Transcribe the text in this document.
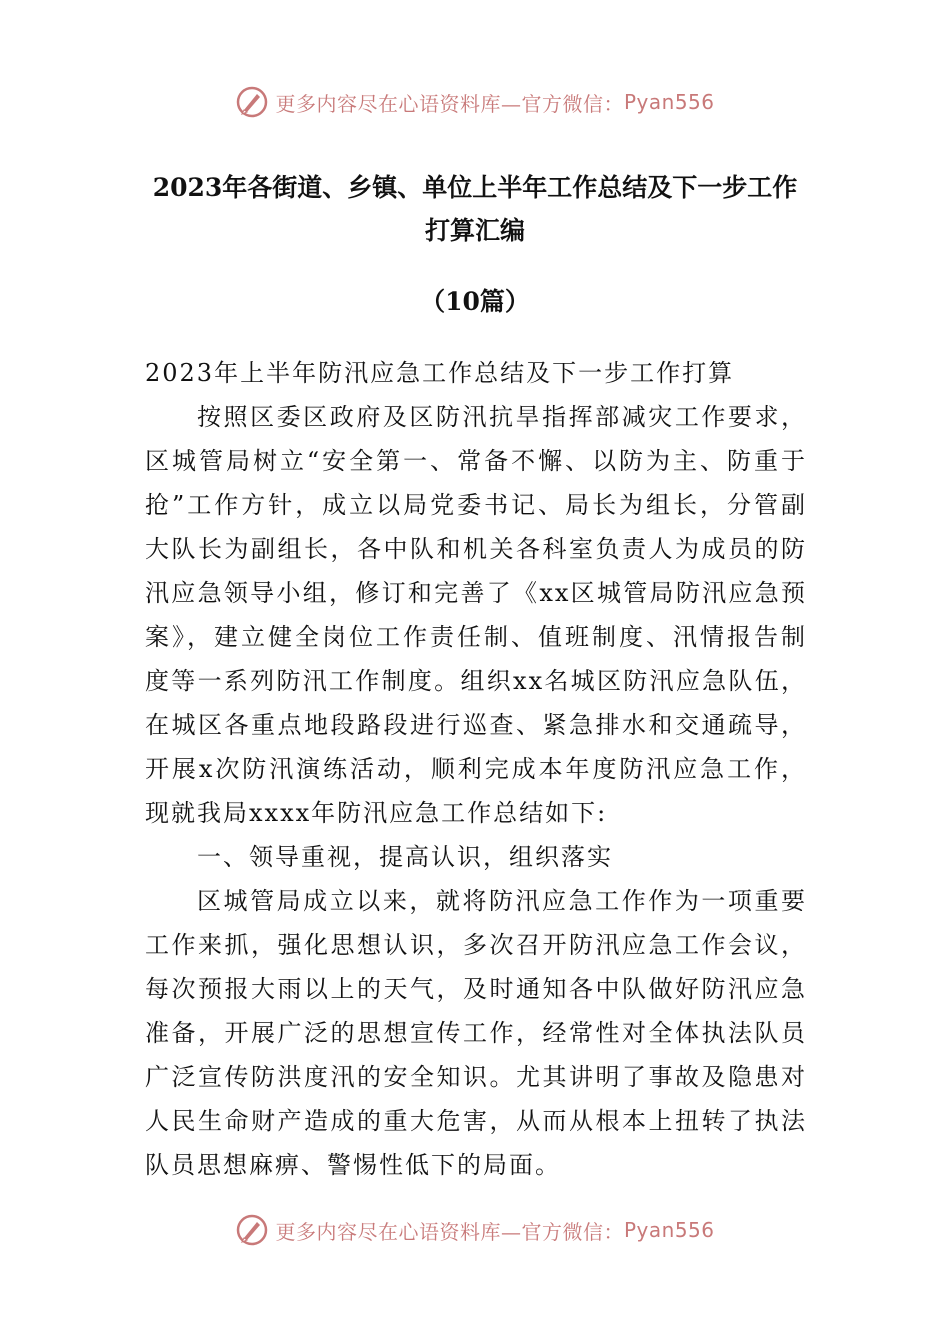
更多内容尽在心语资料库—官方微信： Pyan556
2023年各街道、乡镇、单位上半年工作总结及下一步工作
打算汇编
（10篇）

2023年上半年防汛应急工作总结及下一步工作打算

按照区委区政府及区防汛抗旱指挥部减灾工作要求，区城管局树立“安全第一、常备不懈、以防为主、防重于抢”工作方针，成立以局党委书记、局长为组长，分管副大队长为副组长，各中队和机关各科室负责人为成员的防汛应急领导小组，修订和完善了《xx区城管局防汛应急预案》，建立健全岗位工作责任制、值班制度、汛情报告制度等一系列防汛工作制度。组织xx名城区防汛应急队伍，在城区各重点地段路段进行巡查、紧急排水和交通疏导，开展x次防汛演练活动，顺利完成本年度防汛应急工作，现就我局xxxx年防汛应急工作总结如下:

一、领导重视，提高认识，组织落实

区城管局成立以来，就将防汛应急工作作为一项重要工作来抓，强化思想认识，多次召开防汛应急工作会议，每次预报大雨以上的天气，及时通知各中队做好防汛应急准备，开展广泛的思想宣传工作，经常性对全体执法队员广泛宣传防洪度汛的安全知识。尤其讲明了事故及隐患对人民生命财产造成的重大危害，从而从根本上扭转了执法队员思想麻痹、警惕性低下的局面。

更多内容尽在心语资料库—官方微信： Pyan556
